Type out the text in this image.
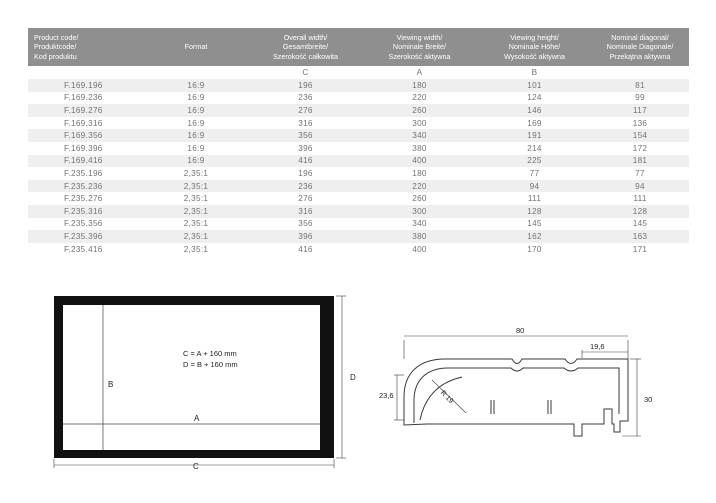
Product code/
Produktcode/
Kod produktu	Format	Overall width/
Gesamtbreite/
Szerokość całkowita	Viewing width/
Nominale Breite/
Szerokość aktywna	Viewing height/
Nominale Höhe/
Wysokość aktywna	Nominal diagonal/
Nominale Diagonale/
Przekątna aktywna
		C	A	B	
F.169.196	16:9	196	180	101	81
F.169.236	16:9	236	220	124	99
F.169.276	16:9	276	260	146	117
F.169.316	16:9	316	300	169	136
F.169.356	16:9	356	340	191	154
F.169.396	16:9	396	380	214	172
F.169.416	16:9	416	400	225	181
F.235.196	2,35:1	196	180	77	77
F.235.236	2,35:1	236	220	94	94
F.235.276	2,35:1	276	260	111	111
F.235.316	2,35:1	316	300	128	128
F.235.356	2,35:1	356	340	145	145
F.235.396	2,35:1	396	380	162	163
F.235.416	2,35:1	416	400	170	171
C = A + 160 mm
D = B + 160 mm
B
A
C
D
80
19,6
23,6	30
R 19
